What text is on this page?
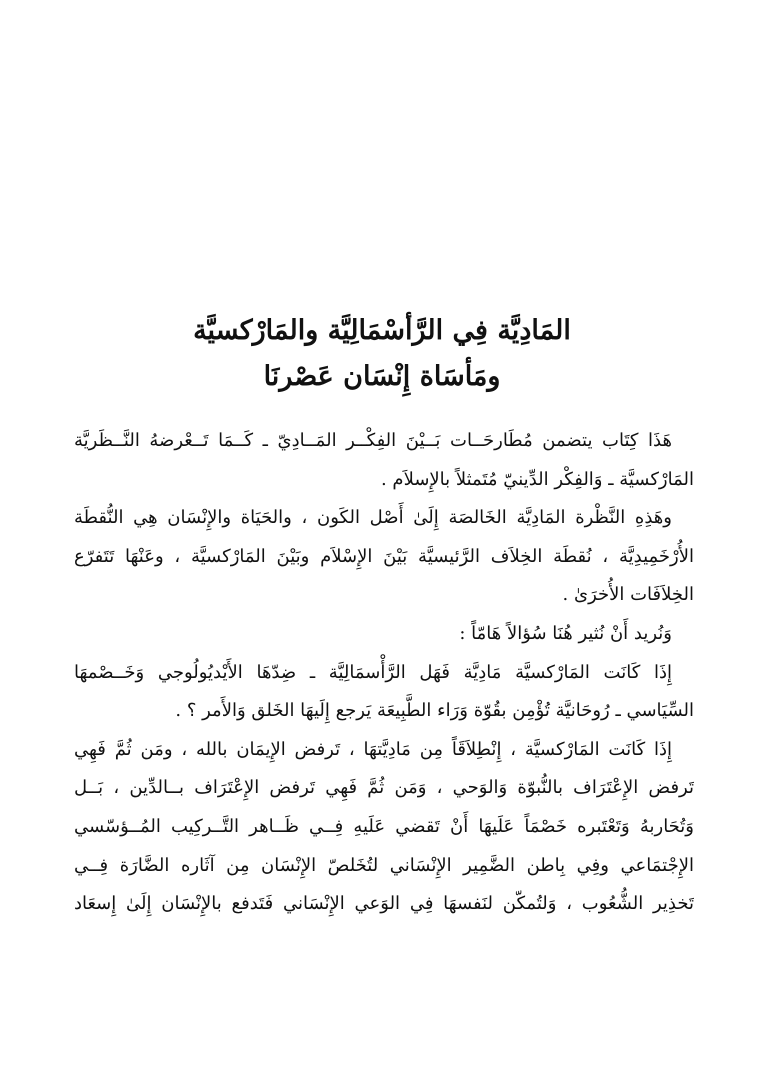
المَادِيَّة فِي الرَّأسْمَالِيَّة والمَارْكسيَّة
ومَأسَاة إِنْسَان عَصْرنَا
هَذَا كِتَاب يتضمن مُطَارحَــات بَــيْنَ الفِكْــر المَــادِيّ ـ كَــمَا تَــعْرضهُ النَّــظَريَّة
المَارْكسيَّة ـ وَالفِكْر الدِّينيّ مُتَمثلاً بالإِسلاَم .
وهَذِهِ النَّظْرة المَادِيَّة الخَالصَة إِلَىٰ أَصْل الكَون ، والحَيَاة والإِنْسَان هِي النُّقطَة
الأُرْخَمِيدِيَّة ، نُقطَة الخِلاَف الرَّئيسيَّة بَيْنَ الإِسْلاَم وبَيْنَ المَارْكسيَّة ، وعَنْهَا تَتَفرّع
الخِلاَفَات الأُخرَىٰ .
وَنُريد أَنْ نُثير هُنَا سُؤالاً هَامّاً :
إِذَا كَانَت المَارْكسيَّة مَادِيَّة فَهَل الرَّأْسمَالِيَّة ـ ضِدّهَا الأَيْديُولُوجي وَخَــصْمهَا
السِّيَاسي ـ رُوحَانيَّة تُؤْمِن بقُوّة وَرَاء الطَّبِيعَة يَرجع إِلَيهَا الخَلق وَالأَمر ؟ .
إِذَا كَانَت المَارْكسيَّة ، إِنْطِلاَقَاً مِن مَادِيَّتهَا ، تَرفض الإِيمَان بالله ، ومَن ثُمَّ فَهِي
تَرفض الإِعْتَرَاف بالنُّبوّة وَالوَحي ، وَمَن ثُمَّ فَهِي تَرفض الإِعْتَرَاف بــالدِّين ، بَــل
وَتُحَاربهُ وَتَعْتَبره خَصْمَاً عَلَيهَا أَنْ تَقضي عَلَيهِ فِــي ظَــاهر التَّــركِيب المُــؤسّسي
الإِجْتمَاعي وفِي بِاطن الضَّمِير الإِنْسَاني لتُخَلصّ الإِنْسَان مِن آثَاره الضَّارَة فِــي
تَخذِير الشُّعُوب ، وَلتُمكّن لنَفسهَا فِي الوَعي الإِنْسَاني فَتَدفع بالإِنْسَان إِلَىٰ إِسعَاد
